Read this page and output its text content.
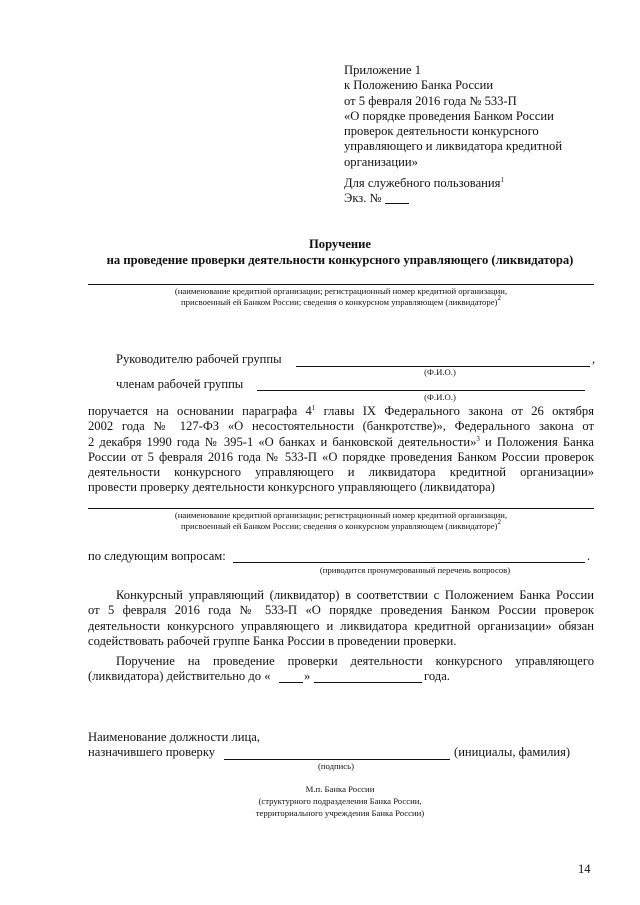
Приложение 1
к Положению Банка России
от 5 февраля 2016 года № 533-П
«О порядке проведения Банком России
проверок деятельности конкурсного
управляющего и ликвидатора кредитной
организации»
Для служебного пользования$^1$
Экз. №
Поручение
на проведение проверки деятельности конкурсного управляющего (ликвидатора)
(наименование кредитной организации; регистрационный номер кредитной организации,
присвоенный ей Банком России; сведения о конкурсном управляющем (ликвидаторе)$^2$
Руководителю рабочей группы	,
(Ф.И.О.)
членам рабочей группы
(Ф.И.О.)
поручается на основании параграфа $4^1$ главы IX Федерального закона от 26 октября
2002 года № 127-ФЗ «О несостоятельности (банкротстве)», Федерального закона от
2 декабря 1990 года № 395-1 «О банках и банковской деятельности»$^3$ и Положения Банка
России от 5 февраля 2016 года № 533-П «О порядке проведения Банком России проверок
деятельности конкурсного управляющего и ликвидатора кредитной организации»
провести проверку деятельности конкурсного управляющего (ликвидатора)
(наименование кредитной организации; регистрационный номер кредитной организации,
присвоенный ей Банком России; сведения о конкурсном управляющем (ликвидаторе)$^2$
по следующим вопросам:	.
(приводится пронумерованный перечень вопросов)
Конкурсный управляющий (ликвидатор) в соответствии с Положением Банка России
от 5 февраля 2016 года № 533-П «О порядке проведения Банком России проверок
деятельности конкурсного управляющего и ликвидатора кредитной организации» обязан
содействовать рабочей группе Банка России в проведении проверки.
Поручение на проведение проверки деятельности конкурсного управляющего
(ликвидатора) действительно до «	»	года.
Наименование должности лица,
назначившего проверку	(инициалы, фамилия)
(подпись)
М.п. Банка России
(структурного подразделения Банка России,
территориального учреждения Банка России)
14
